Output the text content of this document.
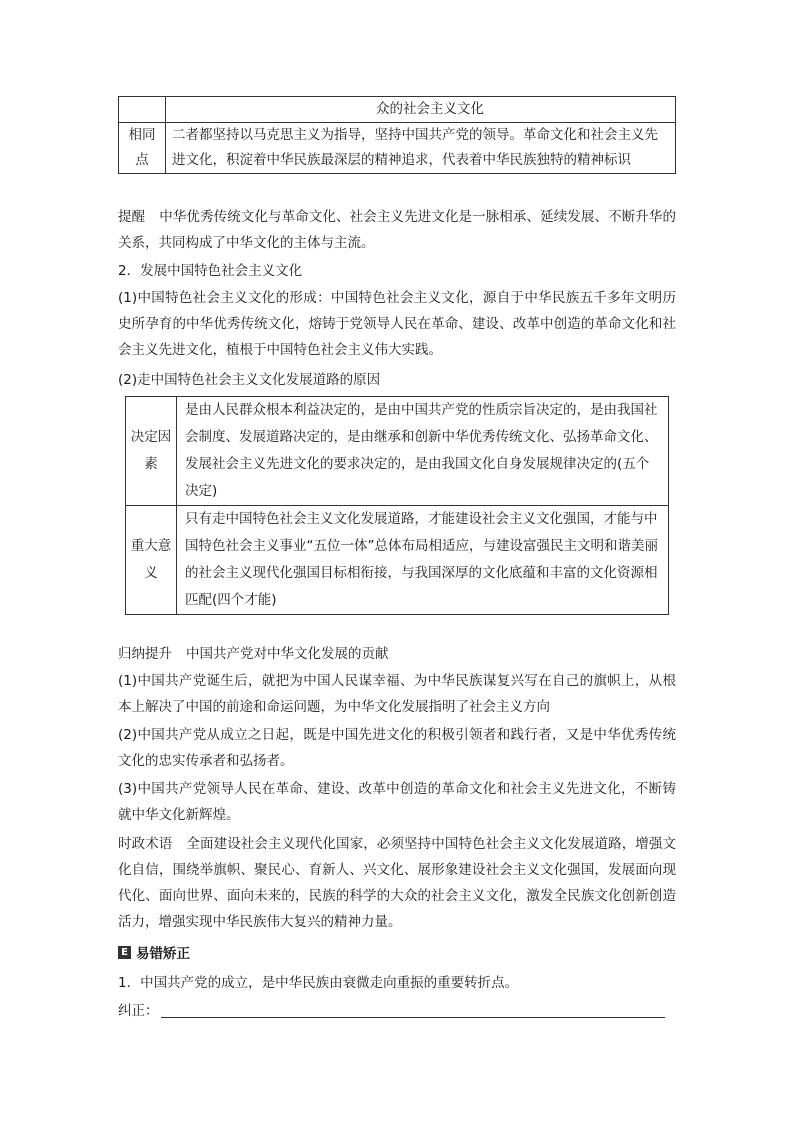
	众的社会主义文化
相同点	二者都坚持以马克思主义为指导，坚持中国共产党的领导。革命文化和社会主义先进文化，积淀着中华民族最深层的精神追求，代表着中华民族独特的精神标识
提醒 中华优秀传统文化与革命文化、社会主义先进文化是一脉相承、延续发展、不断升华的关系，共同构成了中华文化的主体与主流。
2．发展中国特色社会主义文化
(1)中国特色社会主义文化的形成：中国特色社会主义文化，源自于中华民族五千多年文明历史所孕育的中华优秀传统文化，熔铸于党领导人民在革命、建设、改革中创造的革命文化和社会主义先进文化，植根于中国特色社会主义伟大实践。
(2)走中国特色社会主义文化发展道路的原因
决定因素	是由人民群众根本利益决定的，是由中国共产党的性质宗旨决定的，是由我国社会制度、发展道路决定的，是由继承和创新中华优秀传统文化、弘扬革命文化、发展社会主义先进文化的要求决定的，是由我国文化自身发展规律决定的(五个决定)
重大意义	只有走中国特色社会主义文化发展道路，才能建设社会主义文化强国，才能与中国特色社会主义事业“五位一体”总体布局相适应，与建设富强民主文明和谐美丽的社会主义现代化强国目标相衔接，与我国深厚的文化底蕴和丰富的文化资源相匹配(四个才能)
归纳提升 中国共产党对中华文化发展的贡献
(1)中国共产党诞生后，就把为中国人民谋幸福、为中华民族谋复兴写在自己的旗帜上，从根本上解决了中国的前途和命运问题，为中华文化发展指明了社会主义方向
(2)中国共产党从成立之日起，既是中国先进文化的积极引领者和践行者，又是中华优秀传统文化的忠实传承者和弘扬者。
(3)中国共产党领导人民在革命、建设、改革中创造的革命文化和社会主义先进文化，不断铸就中华文化新辉煌。
时政术语 全面建设社会主义现代化国家，必须坚持中国特色社会主义文化发展道路，增强文化自信，围绕举旗帜、聚民心、育新人、兴文化、展形象建设社会主义文化强国，发展面向现代化、面向世界、面向未来的，民族的科学的大众的社会主义文化，激发全民族文化创新创造活力，增强实现中华民族伟大复兴的精神力量。
E 易错矫正
1．中国共产党的成立，是中华民族由衰微走向重振的重要转折点。
纠正：
